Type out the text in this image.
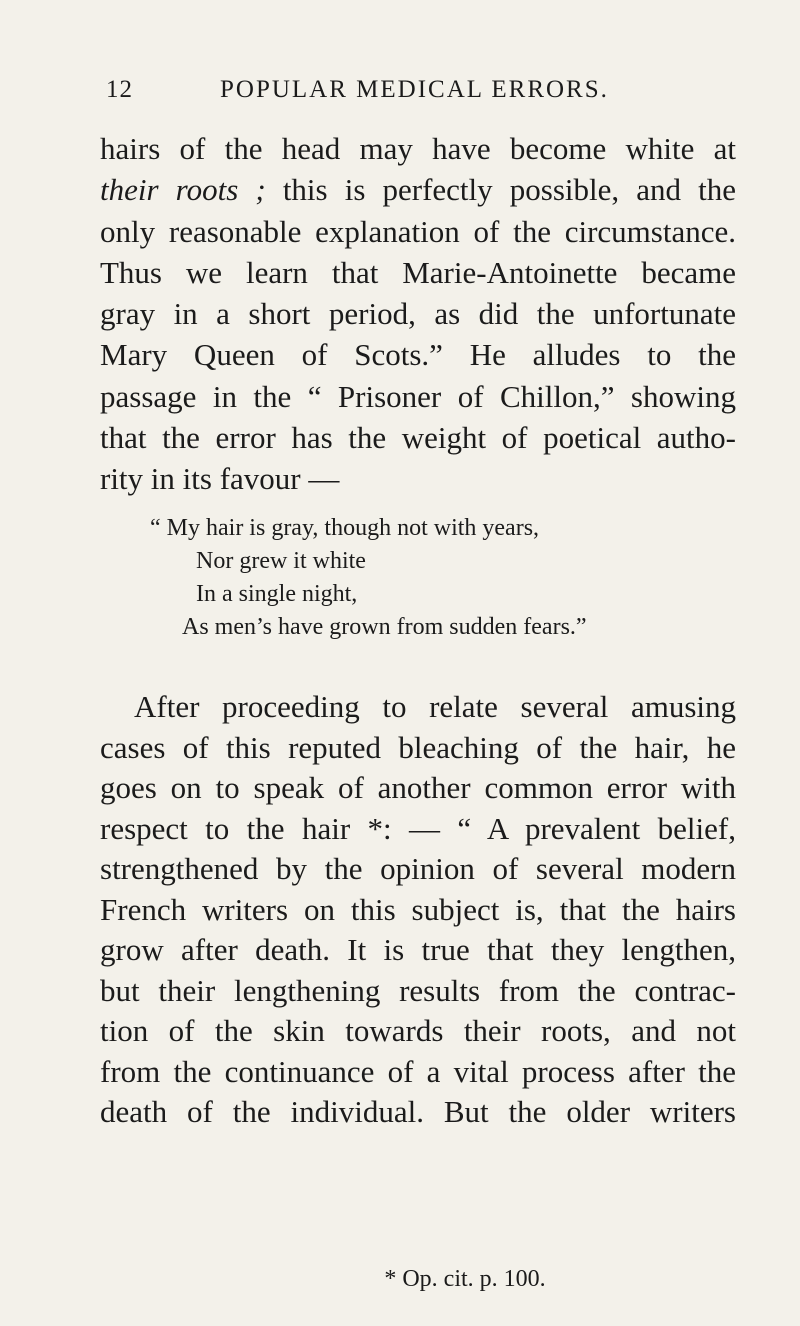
12	POPULAR MEDICAL ERRORS.
hairs of the head may have become white at
their roots ; this is perfectly possible, and the
only reasonable explanation of the circumstance.
Thus we learn that Marie-Antoinette became
gray in a short period, as did the unfortunate
Mary Queen of Scots.” He alludes to the
passage in the “ Prisoner of Chillon,” showing
that the error has the weight of poetical autho-
rity in its favour —
“ My hair is gray, though not with years,
Nor grew it white
In a single night,
As men’s have grown from sudden fears.”
After proceeding to relate several amusing
cases of this reputed bleaching of the hair, he
goes on to speak of another common error with
respect to the hair *: — “ A prevalent belief,
strengthened by the opinion of several modern
French writers on this subject is, that the hairs
grow after death. It is true that they lengthen,
but their lengthening results from the contrac-
tion of the skin towards their roots, and not
from the continuance of a vital process after the
death of the individual. But the older writers
* Op. cit. p. 100.
